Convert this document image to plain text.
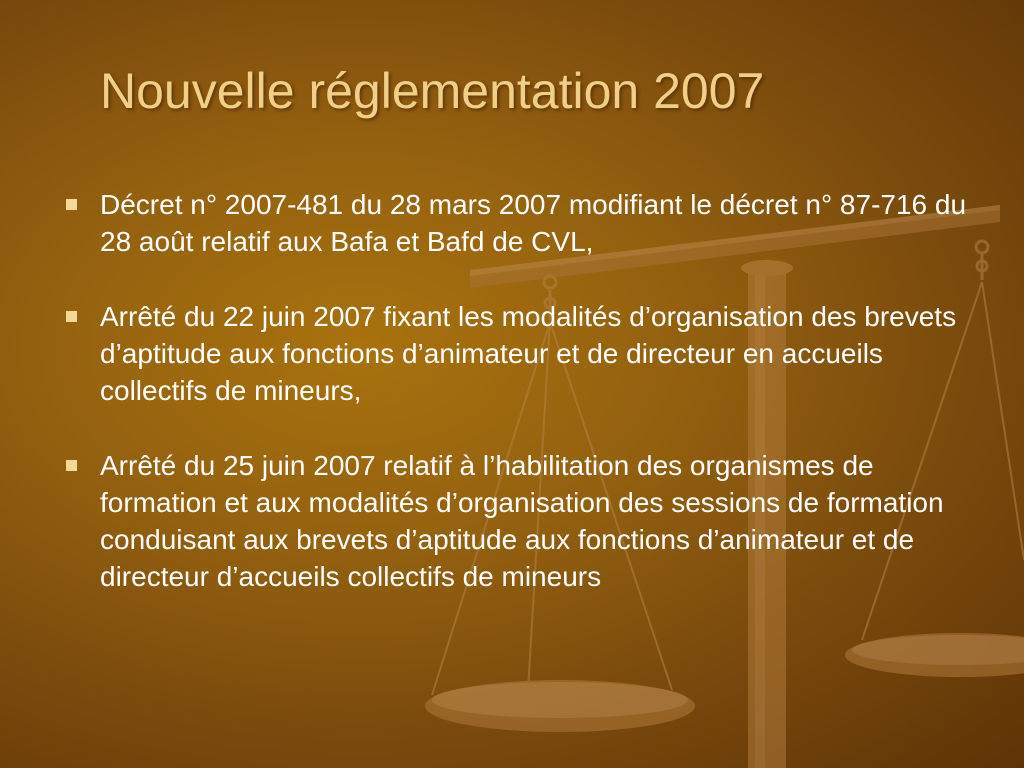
Nouvelle réglementation 2007
Décret n° 2007-481 du 28 mars 2007 modifiant le décret n° 87-716 du 28 août relatif aux Bafa et Bafd de CVL,
Arrêté du 22 juin 2007 fixant les modalités d’organisation des brevets d’aptitude aux fonctions d’animateur et de directeur en accueils collectifs de mineurs,
Arrêté du 25 juin 2007 relatif à l’habilitation des organismes de formation et aux modalités d’organisation des sessions de formation conduisant aux brevets d’aptitude aux fonctions d’animateur et de directeur d’accueils collectifs de mineurs
